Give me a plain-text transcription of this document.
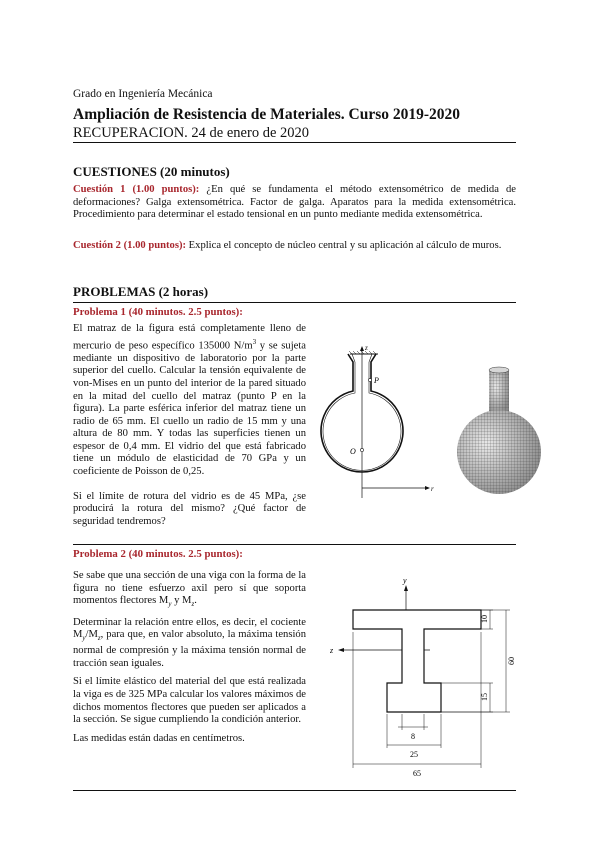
Grado en Ingeniería Mecánica
Ampliación de Resistencia de Materiales. Curso 2019-2020
RECUPERACION. 24 de enero de 2020
CUESTIONES (20 minutos)
Cuestión 1 (1.00 puntos): ¿En qué se fundamenta el método extensométrico de medida de deformaciones? Galga extensométrica. Factor de galga. Aparatos para la medida extensométrica. Procedimiento para determinar el estado tensional en un punto mediante medida extensométrica.
Cuestión 2 (1.00 puntos): Explica el concepto de núcleo central y su aplicación al cálculo de muros.
PROBLEMAS (2 horas)
Problema 1 (40 minutos. 2.5 puntos):

El matraz de la figura está completamente lleno de mercurio de peso específico 135000 $N/m^3$ y se sujeta mediante un dispositivo de laboratorio por la parte superior del cuello. Calcular la tensión equivalente de von-Mises en un punto del interior de la pared situado en la mitad del cuello del matraz (punto P en la figura). La parte esférica inferior del matraz tiene un radio de 65 mm. El cuello un radio de 15 mm y una altura de 80 mm. Y todas las superficies tienen un espesor de 0,4 mm. El vidrio del que está fabricado tiene un módulo de elasticidad de 70 GPa y un coeficiente de Poisson de 0,25.

Si el límite de rotura del vidrio es de 45 MPa, ¿se producirá la rotura del mismo? ¿Qué factor de seguridad tendremos?

z
P
O
r
Problema 2 (40 minutos. 2.5 puntos):

Se sabe que una sección de una viga con la forma de la figura no tiene esfuerzo axil pero sí que soporta momentos flectores $M_y$ y $M_z$.

Determinar la relación entre ellos, es decir, el cociente $M_y/M_z$, para que, en valor absoluto, la máxima tensión normal de compresión y la máxima tensión normal de tracción sean iguales.

Si el límite elástico del material del que está realizada la viga es de 325 MPa calcular los valores máximos de dichos momentos flectores que pueden ser aplicados a la sección. Se sigue cumpliendo la condición anterior.

Las medidas están dadas en centímetros.

y
z
10
60
15
8
25
65
